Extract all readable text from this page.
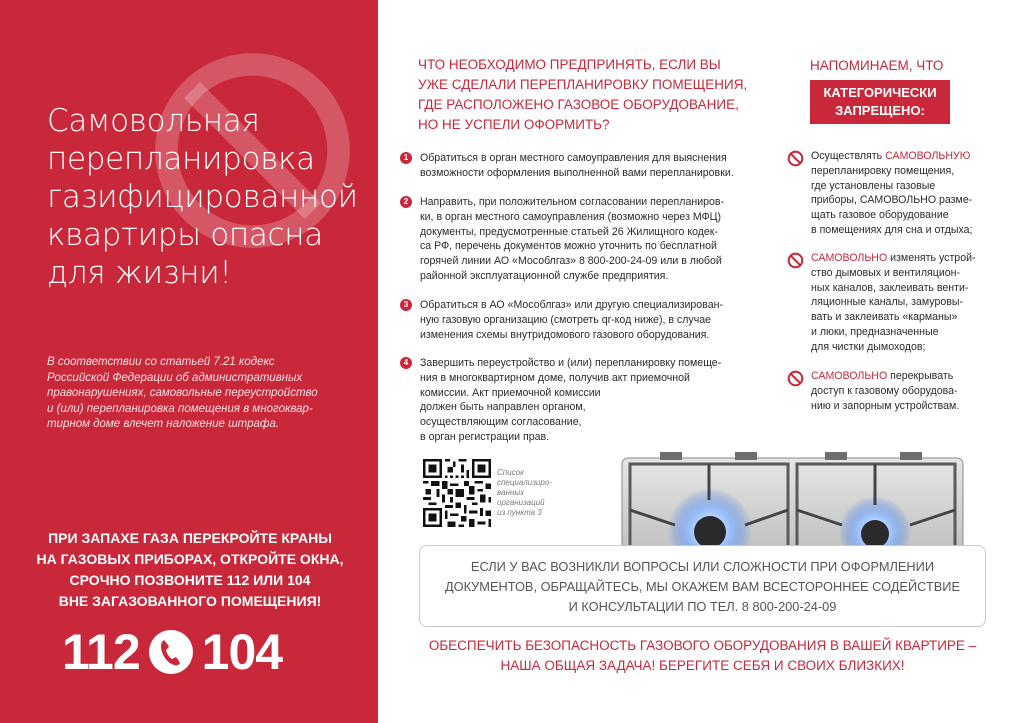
Самовольная
перепланировка
газифицированной
квартиры опасна
для жизни!

В соответствии со статьей 7.21 кодекс
Российской Федерации об административных
правонарушениях, самовольные переустройство
и (или) перепланировка помещения в многоквар-
тирном доме влечет наложение штрафа.

ПРИ ЗАПАХЕ ГАЗА ПЕРЕКРОЙТЕ КРАНЫ
НА ГАЗОВЫХ ПРИБОРАХ, ОТКРОЙТЕ ОКНА,
СРОЧНО ПОЗВОНИТЕ 112 ИЛИ 104
ВНЕ ЗАГАЗОВАННОГО ПОМЕЩЕНИЯ!

112 104
ЧТО НЕОБХОДИМО ПРЕДПРИНЯТЬ, ЕСЛИ ВЫ
УЖЕ СДЕЛАЛИ ПЕРЕПЛАНИРОВКУ ПОМЕЩЕНИЯ,
ГДЕ РАСПОЛОЖЕНО ГАЗОВОЕ ОБОРУДОВАНИЕ,
НО НЕ УСПЕЛИ ОФОРМИТЬ?
1	Обратиться в орган местного самоуправления для выяснения
возможности оформления выполненной вами перепланировки.
2	Направить, при положительном согласовании перепланиров-
ки, в орган местного самоуправления (возможно через МФЦ)
документы, предусмотренные статьей 26 Жилищного кодек-
са РФ, перечень документов можно уточнить по бесплатной
горячей линии АО «Мособлгаз» 8 800-200-24-09 или в любой
районной эксплуатационной службе предприятия.
3	Обратиться в АО «Мособлгаз» или другую специализирован-
ную газовую организацию (смотреть qr-код ниже), в случае
изменения схемы внутридомового газового оборудования.
4	Завершить переустройство и (или) перепланировку помеще-
ния в многоквартирном доме, получив акт приемочной
комиссии. Акт приемочной комиссии
должен быть направлен органом,
осуществляющим согласование,
в орган регистрации прав.
Список
специализиро-
ванных
организаций
из пункта 3
НАПОМИНАЕМ, ЧТО
КАТЕГОРИЧЕСКИ
ЗАПРЕЩЕНО:
Осуществлять САМОВОЛЬНУЮ
перепланировку помещения,
где установлены газовые
приборы, САМОВОЛЬНО разме-
щать газовое оборудование
в помещениях для сна и отдыха;
САМОВОЛЬНО изменять устрой-
ство дымовых и вентиляцион-
ных каналов, заклеивать венти-
ляционные каналы, замуровы-
вать и заклеивать «карманы»
и люки, предназначенные
для чистки дымоходов;
САМОВОЛЬНО перекрывать
доступ к газовому оборудова-
нию и запорным устройствам.
ЕСЛИ У ВАС ВОЗНИКЛИ ВОПРОСЫ ИЛИ СЛОЖНОСТИ ПРИ ОФОРМЛЕНИИ
ДОКУМЕНТОВ, ОБРАЩАЙТЕСЬ, МЫ ОКАЖЕМ ВАМ ВСЕСТОРОННЕЕ СОДЕЙСТВИЕ
И КОНСУЛЬТАЦИИ ПО ТЕЛ. 8 800-200-24-09
ОБЕСПЕЧИТЬ БЕЗОПАСНОСТЬ ГАЗОВОГО ОБОРУДОВАНИЯ В ВАШЕЙ КВАРТИРЕ –
НАША ОБЩАЯ ЗАДАЧА! БЕРЕГИТЕ СЕБЯ И СВОИХ БЛИЗКИХ!
